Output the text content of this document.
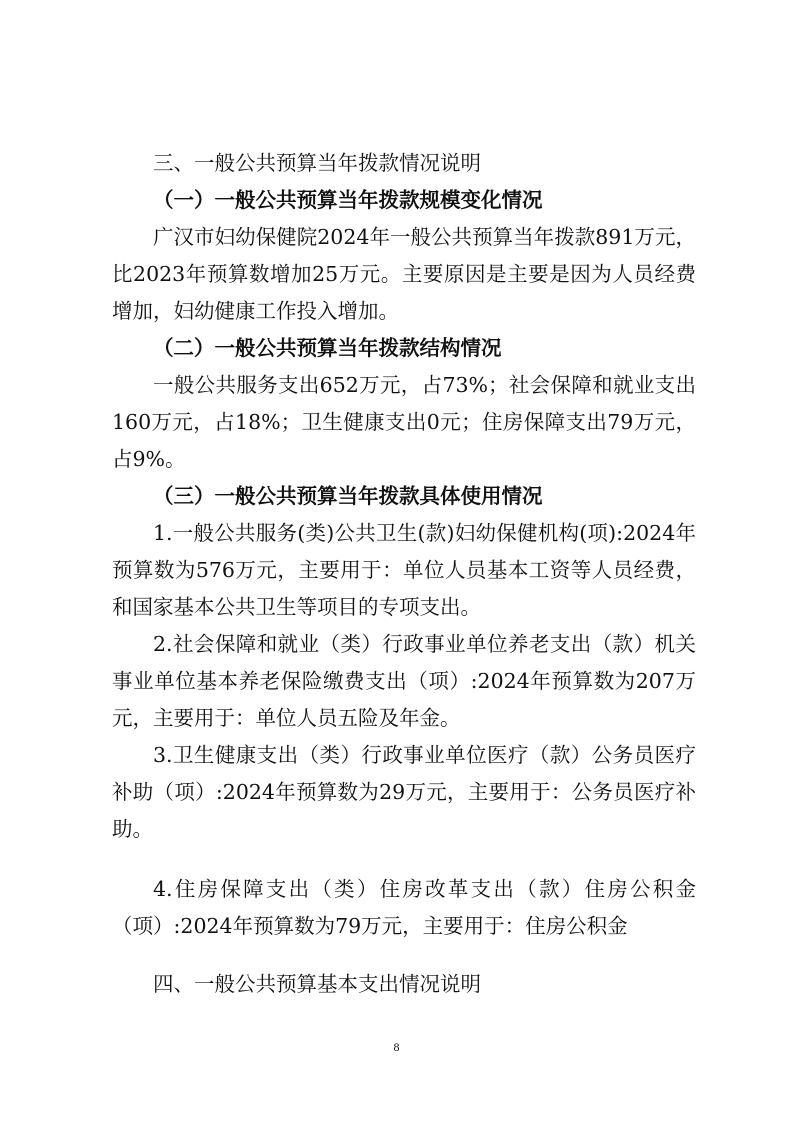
三、一般公共预算当年拨款情况说明

（一）一般公共预算当年拨款规模变化情况

广汉市妇幼保健院2024年一般公共预算当年拨款891万元，比2023年预算数增加25万元。主要原因是主要是因为人员经费增加，妇幼健康工作投入增加。

（二）一般公共预算当年拨款结构情况

一般公共服务支出652万元，占73%；社会保障和就业支出160万元，占18%；卫生健康支出0元；住房保障支出79万元，占9%。

（三）一般公共预算当年拨款具体使用情况

1.一般公共服务(类)公共卫生(款)妇幼保健机构(项):2024年预算数为576万元，主要用于：单位人员基本工资等人员经费，和国家基本公共卫生等项目的专项支出。

2.社会保障和就业（类）行政事业单位养老支出（款）机关事业单位基本养老保险缴费支出（项）:2024年预算数为207万元，主要用于：单位人员五险及年金。

3.卫生健康支出（类）行政事业单位医疗（款）公务员医疗补助（项）:2024年预算数为29万元，主要用于：公务员医疗补助。

4.住房保障支出（类）住房改革支出（款）住房公积金（项）:2024年预算数为79万元，主要用于：住房公积金

四、一般公共预算基本支出情况说明

8
